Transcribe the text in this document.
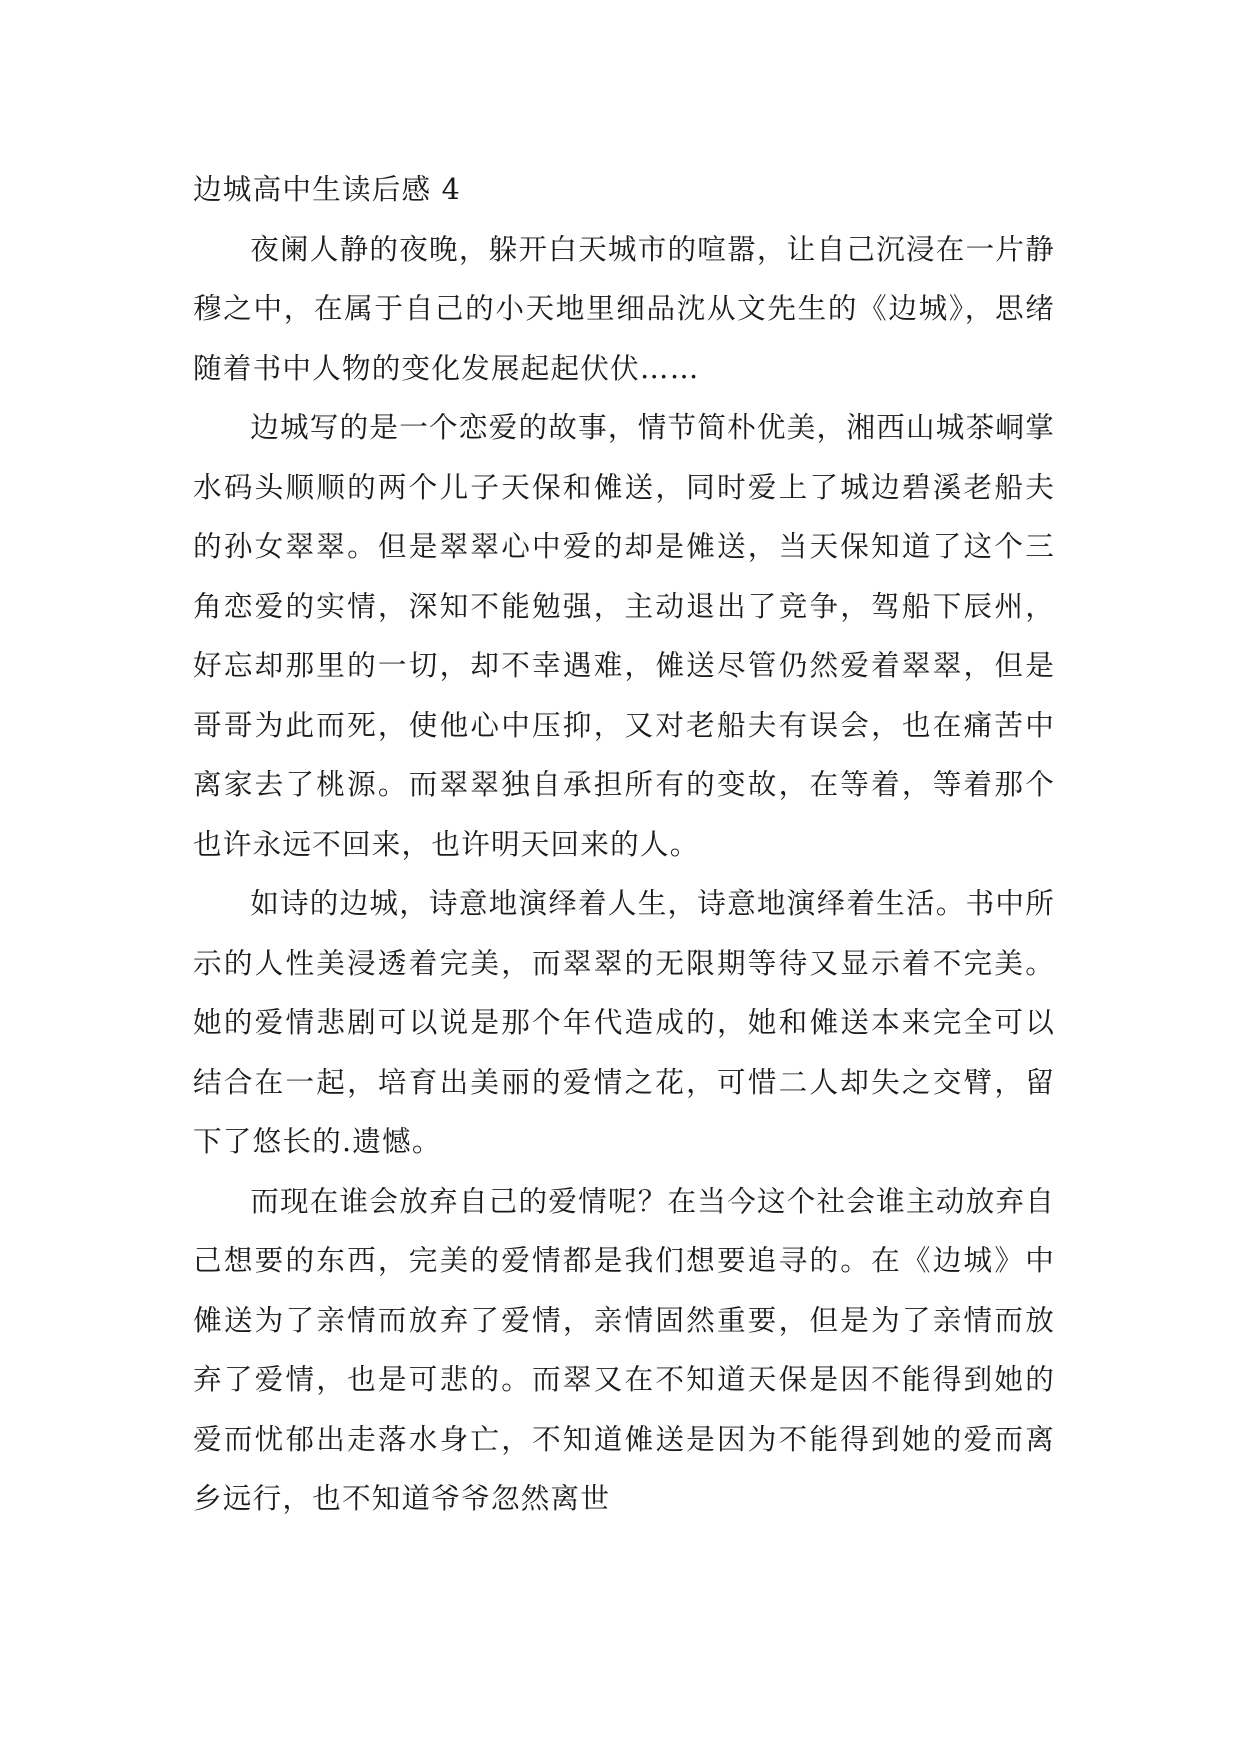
边城高中生读后感 4

夜阑人静的夜晚，躲开白天城市的喧嚣，让自己沉浸在一片静穆之中，在属于自己的小天地里细品沈从文先生的《边城》，思绪随着书中人物的变化发展起起伏伏……

边城写的是一个恋爱的故事，情节简朴优美，湘西山城茶峒掌水码头顺顺的两个儿子天保和傩送，同时爱上了城边碧溪老船夫的孙女翠翠。但是翠翠心中爱的却是傩送，当天保知道了这个三角恋爱的实情，深知不能勉强，主动退出了竞争，驾船下辰州，好忘却那里的一切，却不幸遇难，傩送尽管仍然爱着翠翠，但是哥哥为此而死，使他心中压抑，又对老船夫有误会，也在痛苦中离家去了桃源。而翠翠独自承担所有的变故，在等着，等着那个也许永远不回来，也许明天回来的人。

如诗的边城，诗意地演绎着人生，诗意地演绎着生活。书中所示的人性美浸透着完美，而翠翠的无限期等待又显示着不完美。她的爱情悲剧可以说是那个年代造成的，她和傩送本来完全可以结合在一起，培育出美丽的爱情之花，可惜二人却失之交臂，留下了悠长的.遗憾。

而现在谁会放弃自己的爱情呢？在当今这个社会谁主动放弃自己想要的东西，完美的爱情都是我们想要追寻的。在《边城》中傩送为了亲情而放弃了爱情，亲情固然重要，但是为了亲情而放弃了爱情，也是可悲的。而翠又在不知道天保是因不能得到她的爱而忧郁出走落水身亡，不知道傩送是因为不能得到她的爱而离乡远行，也不知道爷爷忽然离世
